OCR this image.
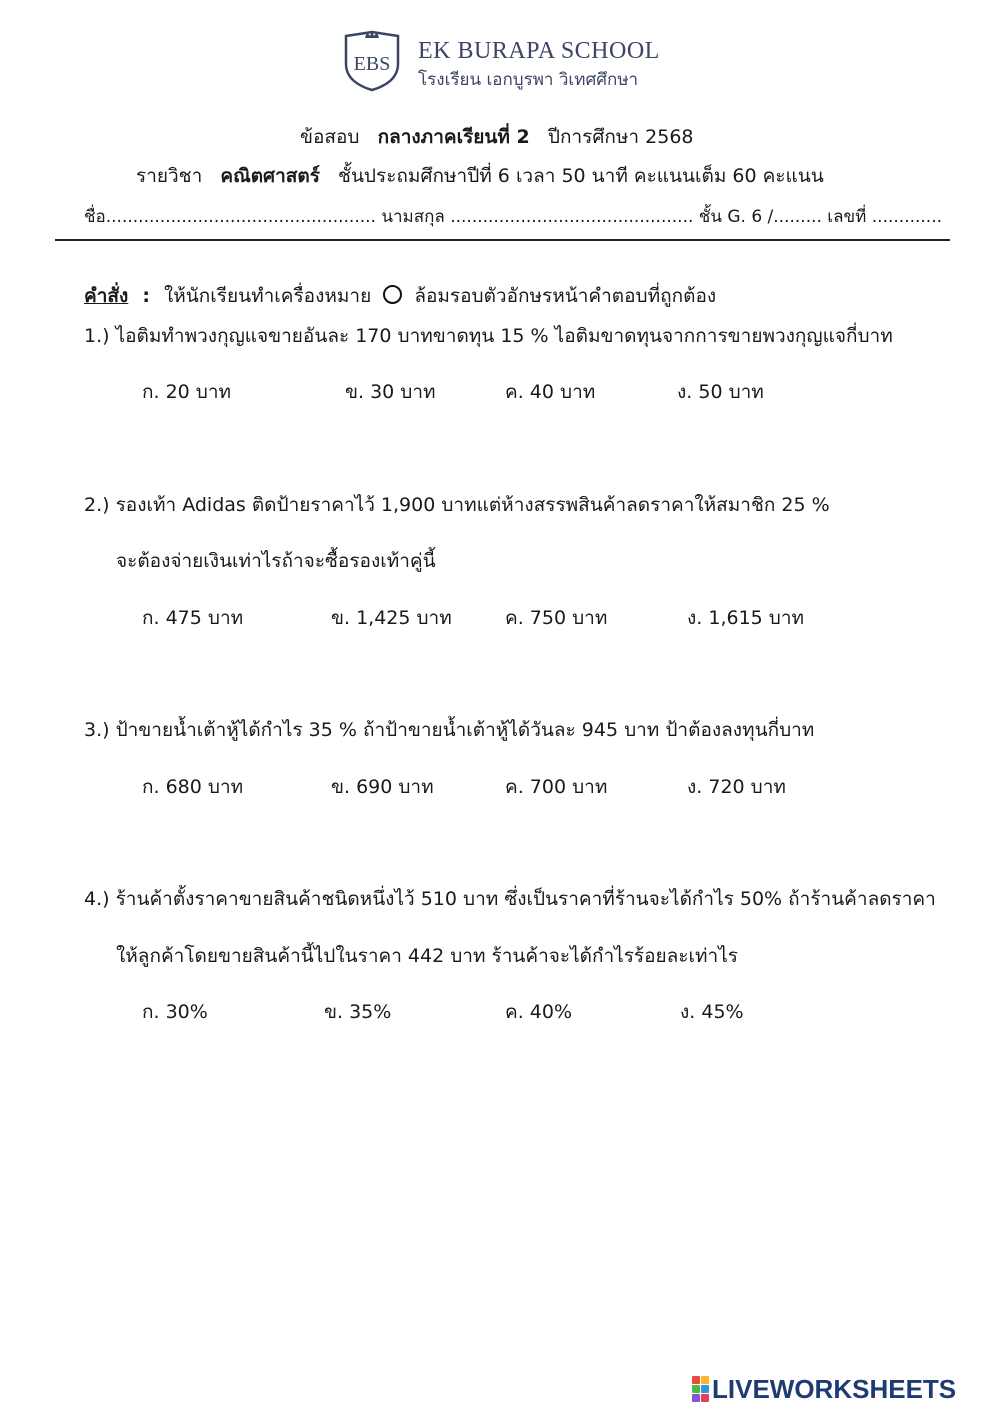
EBS EK BURAPA SCHOOL
โรงเรียน เอกบูรพา วิเทศศึกษา
ข้อสอบ กลางภาคเรียนที่ 2 ปีการศึกษา 2568
รายวิชา คณิตศาสตร์ ชั้นประถมศึกษาปีที่ 6 เวลา 50 นาที คะแนนเต็ม 60 คะแนน
ชื่อ.................................................. นามสกุล ............................................. ชั้น G. 6 /......... เลขที่ .............
คำสั่ง : ให้นักเรียนทำเครื่องหมาย ล้อมรอบตัวอักษรหน้าคำตอบที่ถูกต้อง
1.) ไอติมทำพวงกุญแจขายอันละ 170 บาทขาดทุน 15 % ไอติมขาดทุนจากการขายพวงกุญแจกี่บาท
ก. 20 บาท	ข. 30 บาท	ค. 40 บาท	ง. 50 บาท
2.) รองเท้า Adidas ติดป้ายราคาไว้ 1,900 บาทแต่ห้างสรรพสินค้าลดราคาให้สมาชิก 25 %
จะต้องจ่ายเงินเท่าไรถ้าจะซื้อรองเท้าคู่นี้
ก. 475 บาท	ข. 1,425 บาท	ค. 750 บาท	ง. 1,615 บาท
3.) ป้าขายน้ำเต้าหู้ได้กำไร 35 % ถ้าป้าขายน้ำเต้าหู้ได้วันละ 945 บาท ป้าต้องลงทุนกี่บาท
ก. 680 บาท	ข. 690 บาท	ค. 700 บาท	ง. 720 บาท
4.) ร้านค้าตั้งราคาขายสินค้าชนิดหนึ่งไว้ 510 บาท ซึ่งเป็นราคาที่ร้านจะได้กำไร 50% ถ้าร้านค้าลดราคา
ให้ลูกค้าโดยขายสินค้านี้ไปในราคา 442 บาท ร้านค้าจะได้กำไรร้อยละเท่าไร
ก. 30%	ข. 35%	ค. 40%	ง. 45%
LIVEWORKSHEETS
